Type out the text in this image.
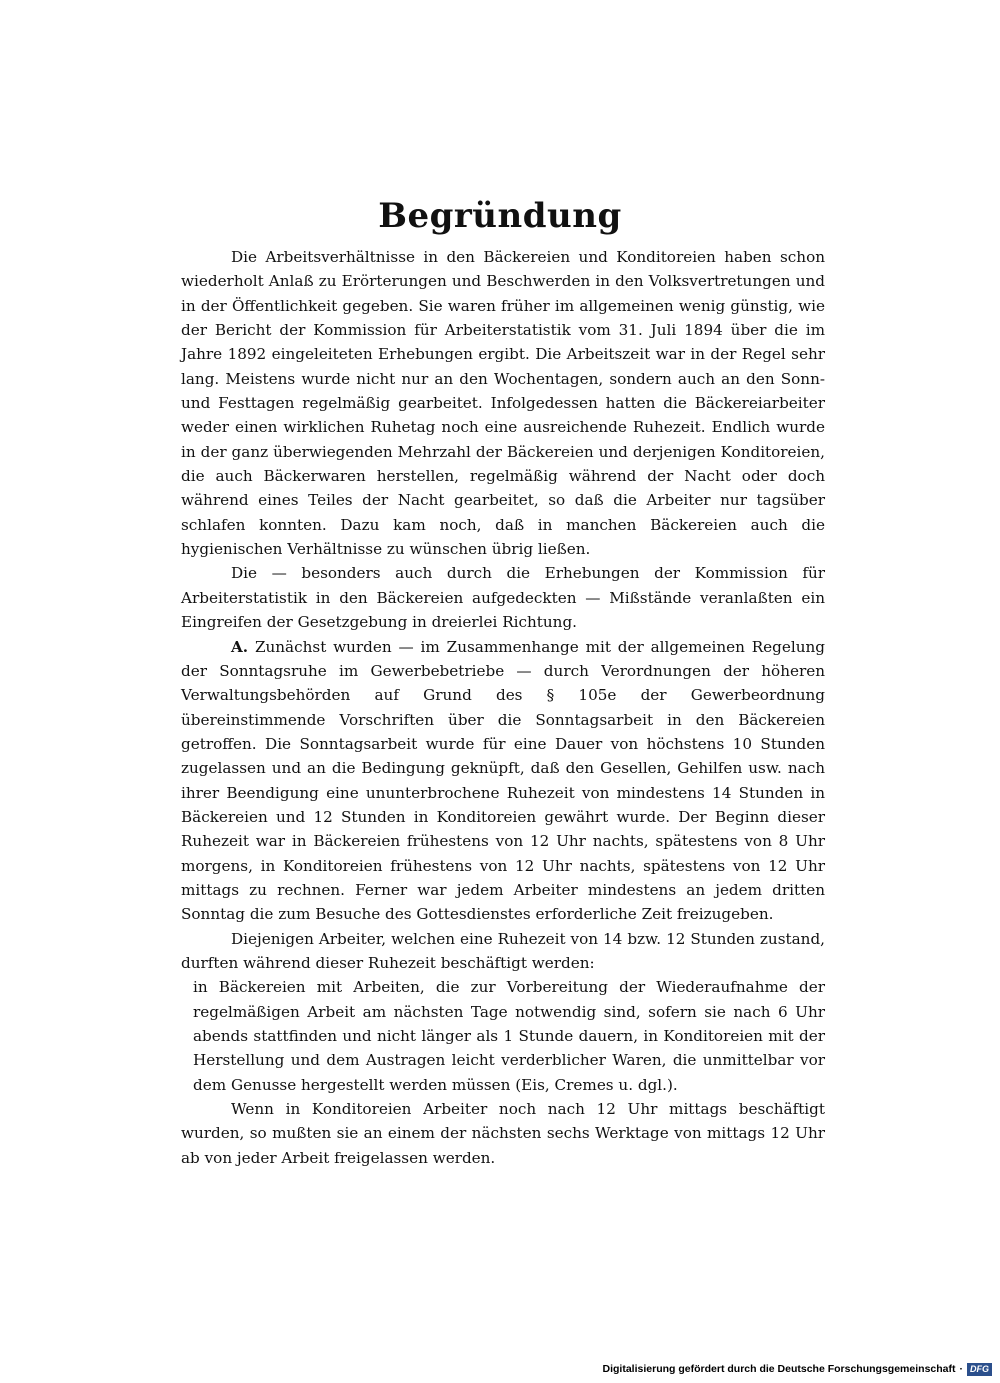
Begründung

Die Arbeitsverhältnisse in den Bäckereien und Konditoreien haben schon wiederholt Anlaß zu Erörterungen und Beschwerden in den Volksvertretungen und in der Öffentlichkeit gegeben. Sie waren früher im allgemeinen wenig günstig, wie der Bericht der Kommission für Arbeiterstatistik vom 31. Juli 1894 über die im Jahre 1892 eingeleiteten Erhebungen ergibt. Die Arbeitszeit war in der Regel sehr lang. Meistens wurde nicht nur an den Wochentagen, sondern auch an den Sonn- und Festtagen regelmäßig gearbeitet. Infolgedessen hatten die Bäckereiarbeiter weder einen wirklichen Ruhetag noch eine ausreichende Ruhezeit. Endlich wurde in der ganz überwiegenden Mehrzahl der Bäckereien und derjenigen Konditoreien, die auch Bäckerwaren herstellen, regelmäßig während der Nacht oder doch während eines Teiles der Nacht gearbeitet, so daß die Arbeiter nur tagsüber schlafen konnten. Dazu kam noch, daß in manchen Bäckereien auch die hygienischen Verhältnisse zu wünschen übrig ließen.

Die — besonders auch durch die Erhebungen der Kommission für Arbeiterstatistik in den Bäckereien aufgedeckten — Mißstände veranlaßten ein Eingreifen der Gesetzgebung in dreierlei Richtung.

A. Zunächst wurden — im Zusammenhange mit der allgemeinen Regelung der Sonntagsruhe im Gewerbebetriebe — durch Verordnungen der höheren Verwaltungsbehörden auf Grund des § 105e der Gewerbeordnung übereinstimmende Vorschriften über die Sonntagsarbeit in den Bäckereien getroffen. Die Sonntagsarbeit wurde für eine Dauer von höchstens 10 Stunden zugelassen und an die Bedingung geknüpft, daß den Gesellen, Gehilfen usw. nach ihrer Beendigung eine ununterbrochene Ruhezeit von mindestens 14 Stunden in Bäckereien und 12 Stunden in Konditoreien gewährt wurde. Der Beginn dieser Ruhezeit war in Bäckereien frühestens von 12 Uhr nachts, spätestens von 8 Uhr morgens, in Konditoreien frühestens von 12 Uhr nachts, spätestens von 12 Uhr mittags zu rechnen. Ferner war jedem Arbeiter mindestens an jedem dritten Sonntag die zum Besuche des Gottesdienstes erforderliche Zeit freizugeben.

Diejenigen Arbeiter, welchen eine Ruhezeit von 14 bzw. 12 Stunden zustand, durften während dieser Ruhezeit beschäftigt werden:

in Bäckereien mit Arbeiten, die zur Vorbereitung der Wiederaufnahme der regelmäßigen Arbeit am nächsten Tage notwendig sind, sofern sie nach 6 Uhr abends stattfinden und nicht länger als 1 Stunde dauern, in Konditoreien mit der Herstellung und dem Austragen leicht verderblicher Waren, die unmittelbar vor dem Genusse hergestellt werden müssen (Eis, Cremes u. dgl.).

Wenn in Konditoreien Arbeiter noch nach 12 Uhr mittags beschäftigt wurden, so mußten sie an einem der nächsten sechs Werktage von mittags 12 Uhr ab von jeder Arbeit freigelassen werden.

Digitalisierung gefördert durch die Deutsche Forschungsgemeinschaft · DFG
